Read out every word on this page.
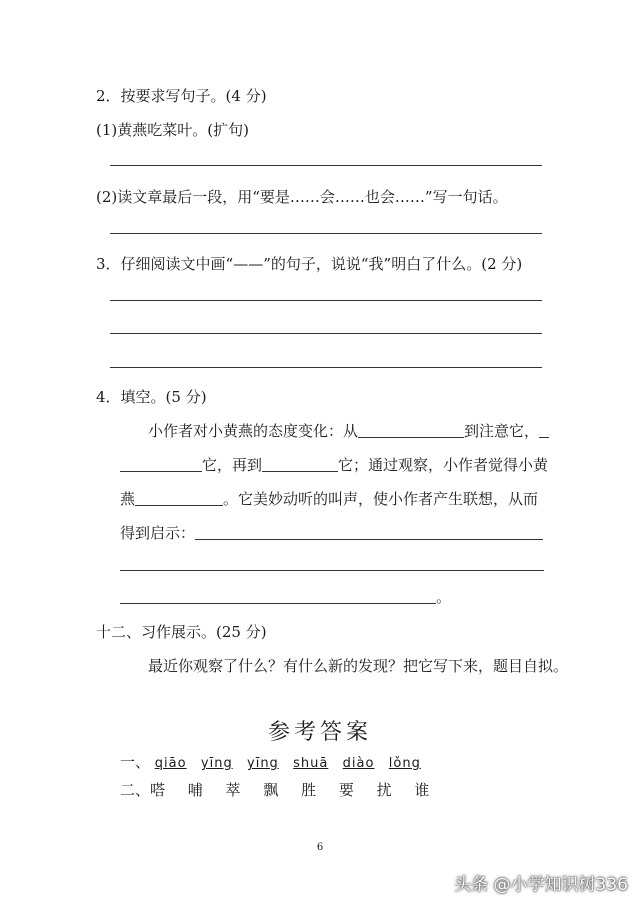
2．按要求写句子。(4 分)
(1)黄燕吃菜叶。(扩句)
(2)读文章最后一段，用“要是……会……也会……”写一句话。
3．仔细阅读文中画“——”的句子，说说“我”明白了什么。(2 分)
4．填空。(5 分)
小作者对小黄燕的态度变化：从	到注意它，
它，再到	它；通过观察，小作者觉得小黄
燕	。它美妙动听的叫声，使小作者产生联想，从而
得到启示：
。
十二、习作展示。(25 分)
最近你观察了什么？有什么新的发现？把它写下来，题目自拟。
参考答案
一、 qiāo yīng yīng shuā diào lǒng
二、嗒 哺 萃 飘 胜 要 扰 谁
6
头条 @小学知识树336
